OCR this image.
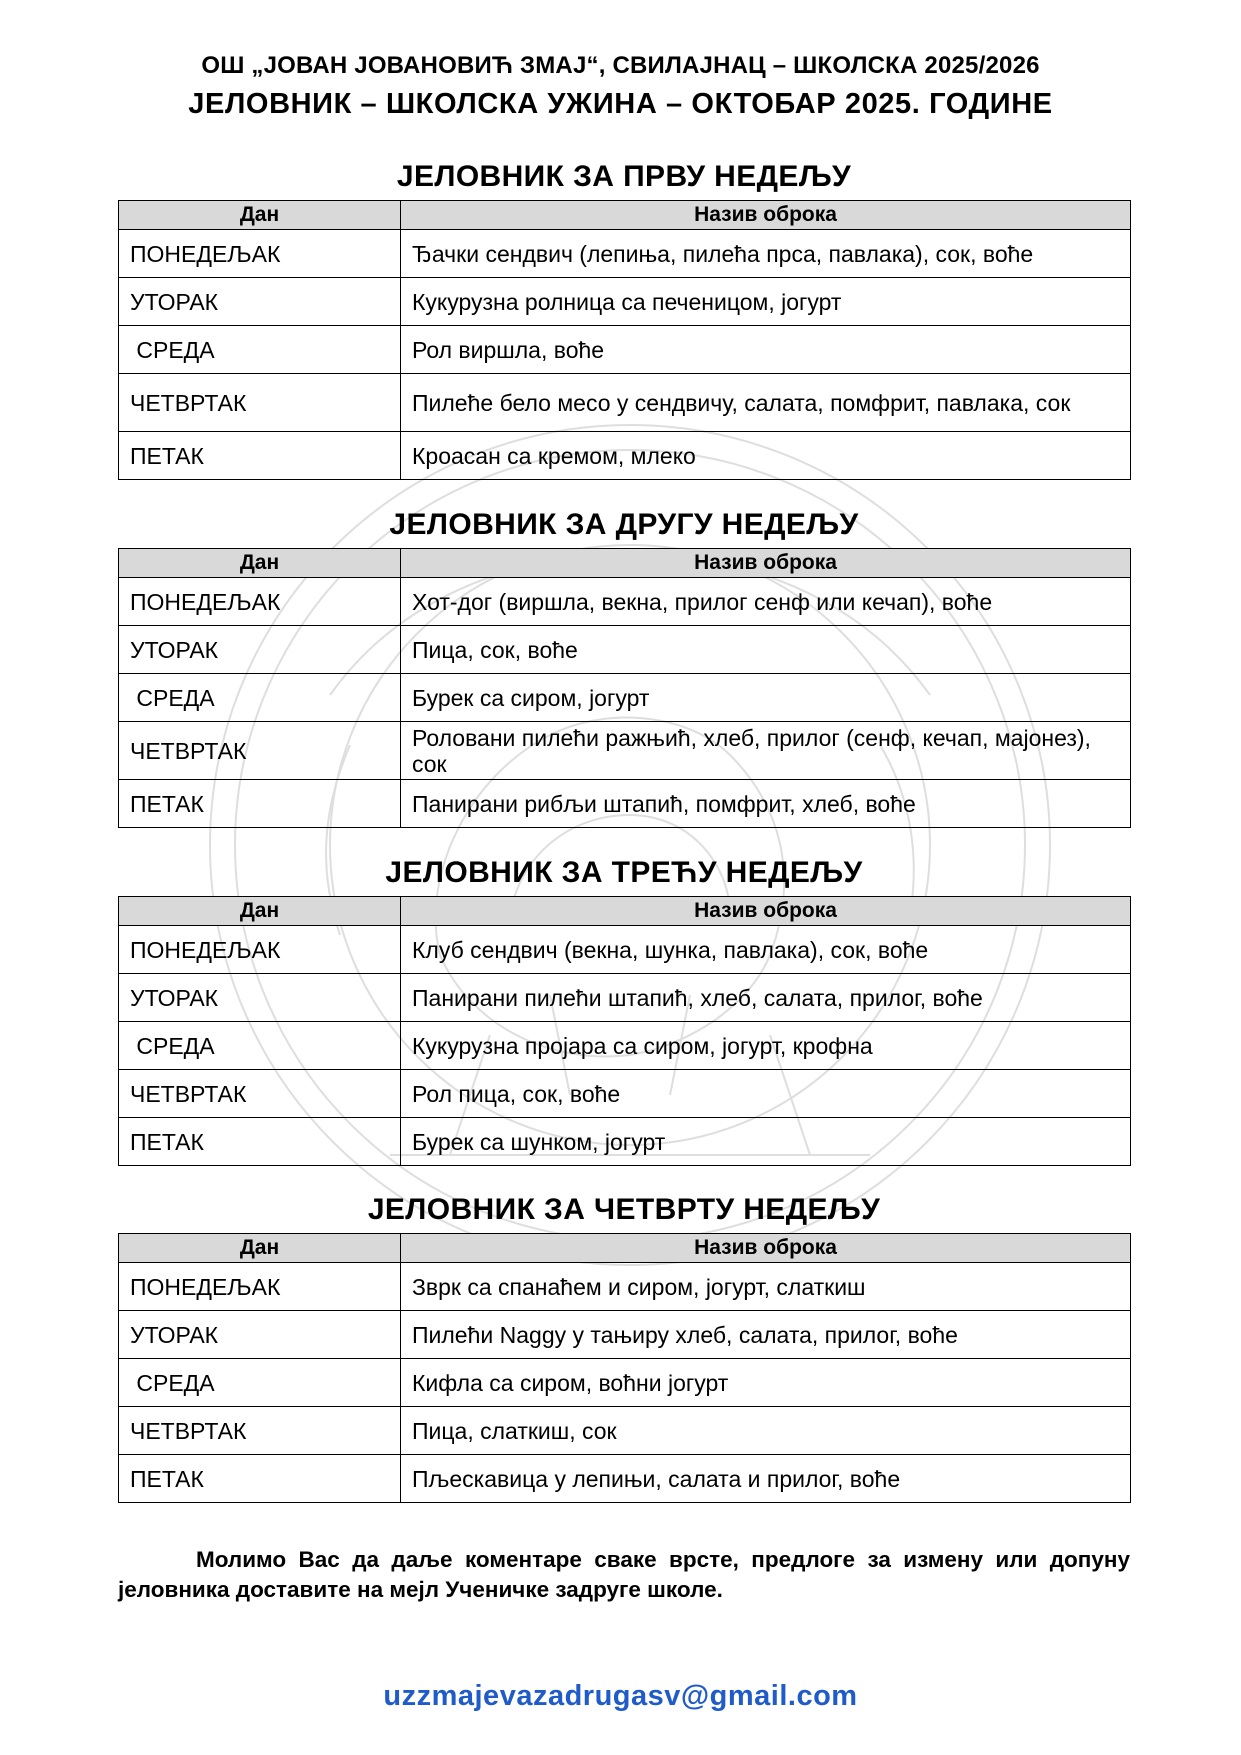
ОШ „ЈОВАН ЈОВАНОВИЋ ЗМАЈ“, СВИЛАЈНАЦ – ШКОЛСКА 2025/2026
ЈЕЛОВНИК – ШКОЛСКА УЖИНА – ОКТОБАР 2025. ГОДИНЕ
ЈЕЛОВНИК ЗА ПРВУ НЕДЕЉУ
Дан	Назив оброка
ПОНЕДЕЉАК	Ђачки сендвич (лепиња, пилећа прса, павлака), сок, воће
УТОРАК	Кукурузна ролница са печеницом, јогурт
СРЕДА	Рол виршла, воће
ЧЕТВРТАК	Пилеће бело месо у сендвичу, салата, помфрит, павлака, сок
ПЕТАК	Кроасан са кремом, млеко
ЈЕЛОВНИК ЗА ДРУГУ НЕДЕЉУ
Дан	Назив оброка
ПОНЕДЕЉАК	Хот-дог (виршла, векна, прилог сенф или кечап), воће
УТОРАК	Пица, сок, воће
СРЕДА	Бурек са сиром, јогурт
ЧЕТВРТАК	Роловани пилећи ражњић, хлеб, прилог (сенф, кечап, мајонез), сок
ПЕТАК	Панирани рибљи штапић, помфрит, хлеб, воће
ЈЕЛОВНИК ЗА ТРЕЋУ НЕДЕЉУ
Дан	Назив оброка
ПОНЕДЕЉАК	Клуб сендвич (векна, шунка, павлака), сок, воће
УТОРАК	Панирани пилећи штапић, хлеб, салата, прилог, воће
СРЕДА	Кукурузна проjара са сиром, јогурт, крофна
ЧЕТВРТАК	Рол пица, сок, воће
ПЕТАК	Бурек са шунком, јогурт
ЈЕЛОВНИК ЗА ЧЕТВРТУ НЕДЕЉУ
Дан	Назив оброка
ПОНЕДЕЉАК	Зврк са спанаћем и сиром, јогурт, слаткиш
УТОРАК	Пилећи Naggy у тањиру хлеб, салата, прилог, воће
СРЕДА	Кифла са сиром, воћни јогурт
ЧЕТВРТАК	Пица, слаткиш, сок
ПЕТАК	Пљескавица у лепињи, салата и прилог, воће
Молимо Вас да даље коментаре сваке врсте, предлоге за измену или допуну јеловника доставите на мејл Ученичке задруге школе.
uzzmajevazadrugasv@gmail.com
